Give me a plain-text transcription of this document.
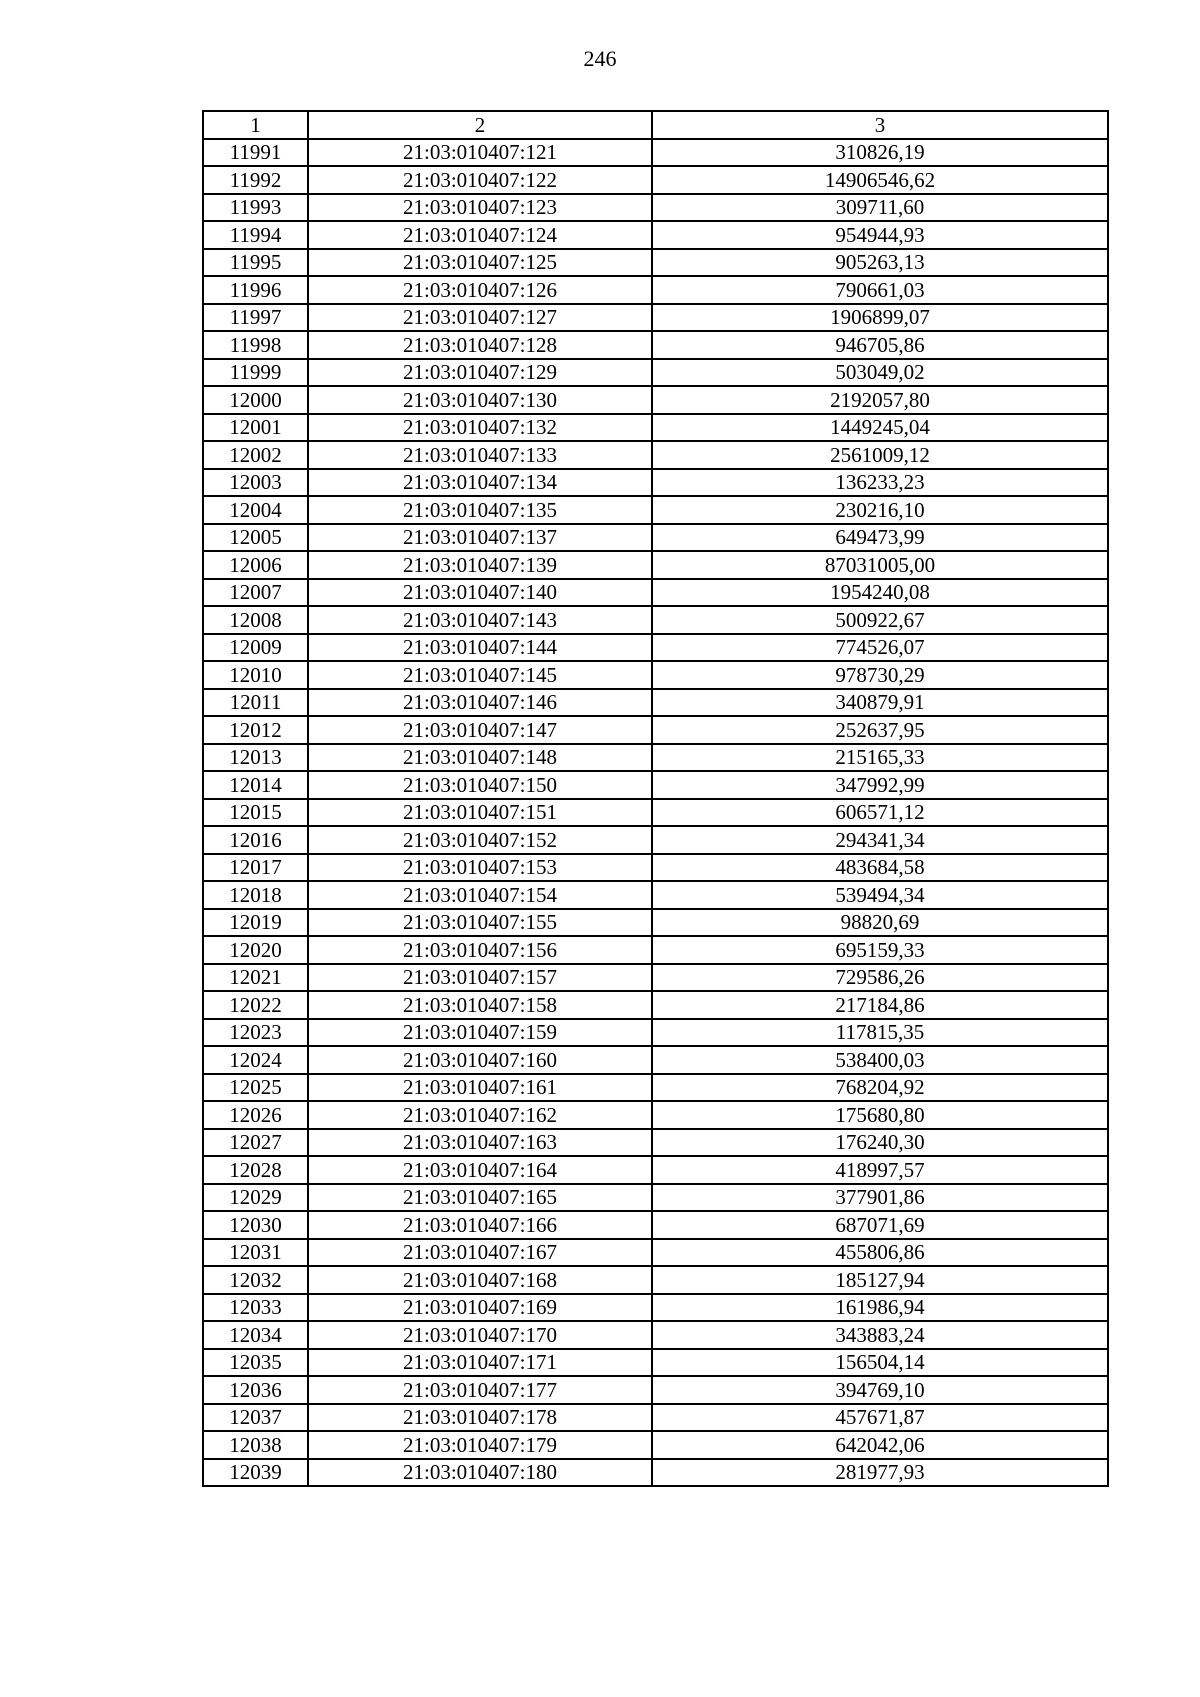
246
1	2	3
11991	21:03:010407:121	310826,19
11992	21:03:010407:122	14906546,62
11993	21:03:010407:123	309711,60
11994	21:03:010407:124	954944,93
11995	21:03:010407:125	905263,13
11996	21:03:010407:126	790661,03
11997	21:03:010407:127	1906899,07
11998	21:03:010407:128	946705,86
11999	21:03:010407:129	503049,02
12000	21:03:010407:130	2192057,80
12001	21:03:010407:132	1449245,04
12002	21:03:010407:133	2561009,12
12003	21:03:010407:134	136233,23
12004	21:03:010407:135	230216,10
12005	21:03:010407:137	649473,99
12006	21:03:010407:139	87031005,00
12007	21:03:010407:140	1954240,08
12008	21:03:010407:143	500922,67
12009	21:03:010407:144	774526,07
12010	21:03:010407:145	978730,29
12011	21:03:010407:146	340879,91
12012	21:03:010407:147	252637,95
12013	21:03:010407:148	215165,33
12014	21:03:010407:150	347992,99
12015	21:03:010407:151	606571,12
12016	21:03:010407:152	294341,34
12017	21:03:010407:153	483684,58
12018	21:03:010407:154	539494,34
12019	21:03:010407:155	98820,69
12020	21:03:010407:156	695159,33
12021	21:03:010407:157	729586,26
12022	21:03:010407:158	217184,86
12023	21:03:010407:159	117815,35
12024	21:03:010407:160	538400,03
12025	21:03:010407:161	768204,92
12026	21:03:010407:162	175680,80
12027	21:03:010407:163	176240,30
12028	21:03:010407:164	418997,57
12029	21:03:010407:165	377901,86
12030	21:03:010407:166	687071,69
12031	21:03:010407:167	455806,86
12032	21:03:010407:168	185127,94
12033	21:03:010407:169	161986,94
12034	21:03:010407:170	343883,24
12035	21:03:010407:171	156504,14
12036	21:03:010407:177	394769,10
12037	21:03:010407:178	457671,87
12038	21:03:010407:179	642042,06
12039	21:03:010407:180	281977,93
